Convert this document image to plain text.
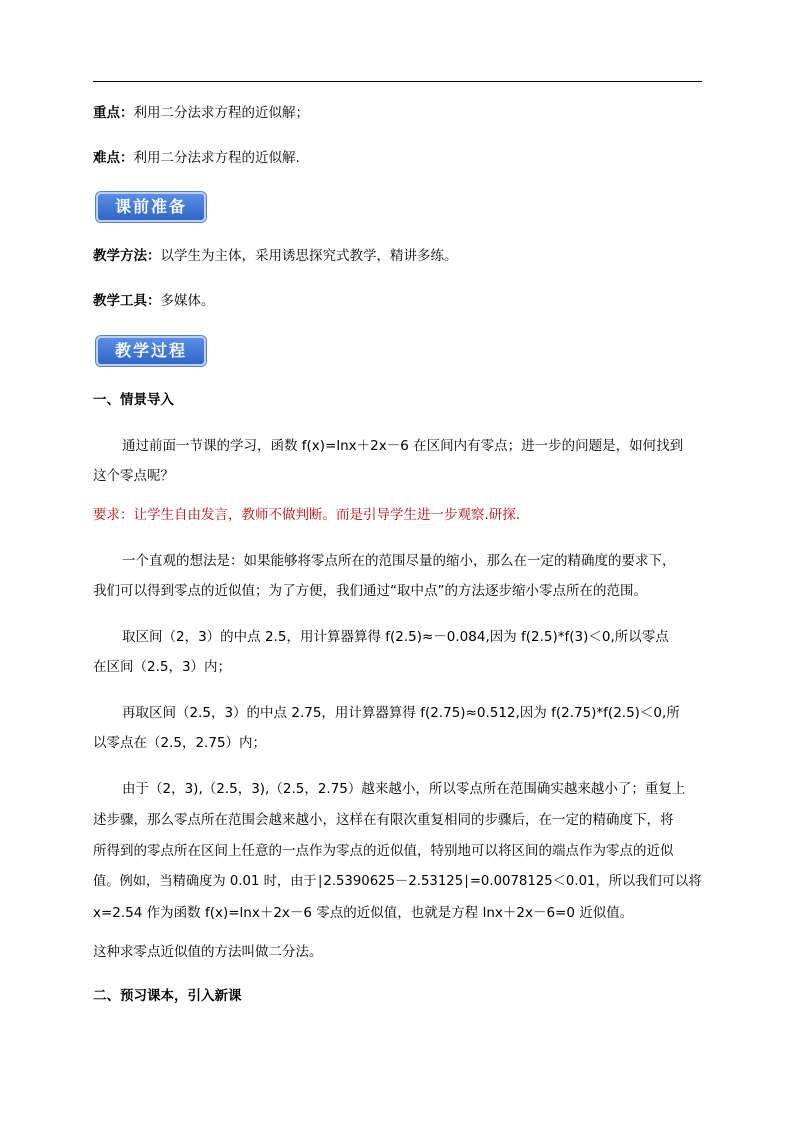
重点：利用二分法求方程的近似解；
难点：利用二分法求方程的近似解.
课前准备
教学方法：以学生为主体，采用诱思探究式教学，精讲多练。
教学工具：多媒体。
教学过程
一、情景导入
通过前面一节课的学习，函数 f(x)=lnx＋2x－6 在区间内有零点；进一步的问题是，如何找到
这个零点呢？
要求：让学生自由发言，教师不做判断。而是引导学生进一步观察.研探.
一个直观的想法是：如果能够将零点所在的范围尽量的缩小，那么在一定的精确度的要求下，
我们可以得到零点的近似值；为了方便，我们通过“取中点”的方法逐步缩小零点所在的范围。
取区间（2，3）的中点 2.5，用计算器算得 f(2.5)≈－0.084,因为 f(2.5)*f(3)＜0,所以零点
在区间（2.5，3）内；
再取区间（2.5，3）的中点 2.75，用计算器算得 f(2.75)≈0.512,因为 f(2.75)*f(2.5)＜0,所
以零点在（2.5，2.75）内；
由于（2，3),（2.5，3),（2.5，2.75）越来越小，所以零点所在范围确实越来越小了；重复上
述步骤，那么零点所在范围会越来越小，这样在有限次重复相同的步骤后，在一定的精确度下，将
所得到的零点所在区间上任意的一点作为零点的近似值，特别地可以将区间的端点作为零点的近似
值。例如，当精确度为 0.01 时，由于∣2.5390625－2.53125∣=0.0078125＜0.01，所以我们可以将
x=2.54 作为函数 f(x)=lnx＋2x－6 零点的近似值，也就是方程 lnx＋2x－6=0 近似值。
这种求零点近似值的方法叫做二分法。
二、预习课本，引入新课
